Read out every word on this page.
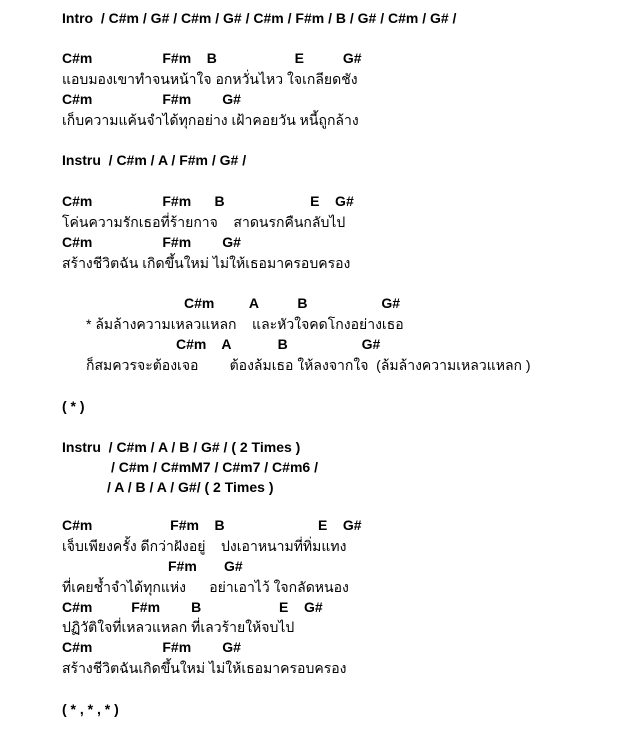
Intro  / C#m / G# / C#m / G# / C#m / F#m / B / G# / C#m / G# /
C#m                  F#m    B                    E          G#
แอบมองเขาทำจนหน้าใจ อกหวั่นไหว ใจเกลียดชัง
C#m                  F#m        G#
เก็บความแค้นจำได้ทุกอย่าง เฝ้าคอยวัน หนี้ถูกล้าง
Instru  / C#m / A / F#m / G# /
C#m                  F#m      B                      E    G#
โค่นความรักเธอที่ร้ายกาจ    สาดนรกคืนกลับไป
C#m                  F#m        G#
สร้างชีวิตฉัน เกิดขึ้นใหม่ ไม่ให้เธอมาครอบครอง
C#m         A          B                   G#
* ล้มล้างความเหลวแหลก    และหัวใจคดโกงอย่างเธอ
C#m    A            B                   G#
ก็สมควรจะต้องเจอ        ต้องล้มเธอ ให้ลงจากใจ  (ล้มล้างความเหลวแหลก )
( * )
Instru  / C#m / A / B / G# / ( 2 Times )
/ C#m / C#mM7 / C#m7 / C#m6 /
/ A / B / A / G#/ ( 2 Times )
C#m                    F#m    B                        E    G#
เจ็บเพียงครั้ง ดีกว่าฝังอยู่    ปงเอาหนามที่ทิ่มแทง
F#m       G#
ที่เคยช้ำจำได้ทุกแห่ง      อย่าเอาไว้ ใจกลัดหนอง
C#m          F#m        B                    E    G#
ปฏิวัติใจที่เหลวแหลก ที่เลวร้ายให้จบไป
C#m                  F#m        G#
สร้างชีวิตฉันเกิดขึ้นใหม่ ไม่ให้เธอมาครอบครอง
( * , * , * )
